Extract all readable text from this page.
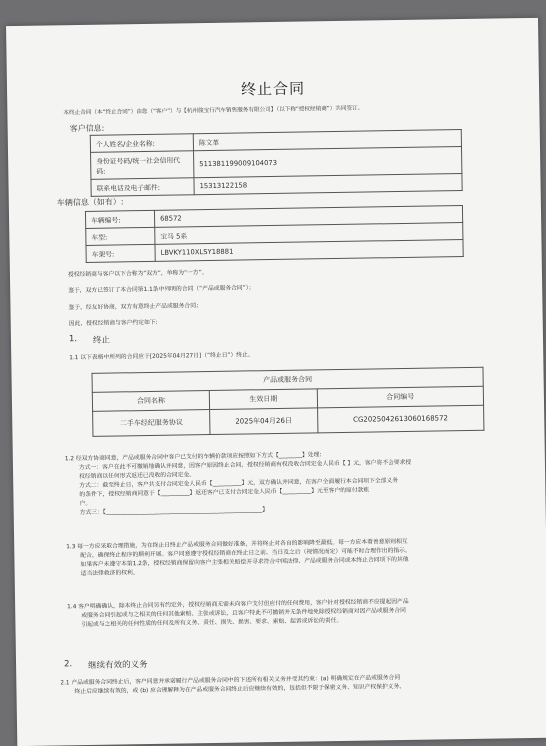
终止合同
本终止合同（本“终止合同”）由您（“客户”）与【杭州骏宝行汽车销售服务有限公司】（以下称“授权经销商”）共同签订。
客户信息:
个人姓名/企业名称:	陈文革
身份证号码/统一社会信用代码:	511381199009104073
联系电话及电子邮件:	15313122158
车辆信息（如有）:
车辆编号:	68572
车型:	宝马 5系
车架号:	LBVKY110XLSY18881
授权经销商与客户以下合称为“双方”，单称为“一方”。
鉴于，双方已签订了本合同第1.1条中列明的合同（“产品或服务合同”）；
鉴于，经友好协商，双方有意终止产品或服务合同；
因此，授权经销商与客户约定如下:
1. 终止
1.1 以下表格中所列的合同应于[2025年04月27日]（“终止日”）终止。
产品或服务合同		
合同名称	生效日期	合同编号
二手车经纪服务协议	2025年04月26日	CG2025042613060168572
1.2 经双方协商同意，产品或服务合同中客户已支付的车辆价款项应按照如下方式【________】处理:
方式一：客户在此不可撤销地确认并同意，因客户原因终止合同，授权经销商有权没收合同定金人民币【 】元，客户将不会要求授
权经销商以任何形式返还已没收的合同定金。
方式二：截至终止日，客户共支付合同定金人民币【__________】元，双方确认并同意，在客户全面履行本合同项下全部义务
的条件下，授权经销商同意于【__________】返还客户已支付合同定金人民币【__________】元至客户的原付款账
户。
方式三：【______________________________________________________】
1.3 每一方应采取合理措施，为在终止日终止产品或服务合同做好准备，并将终止对各自的影响降至最低。每一方应本着善意原则相互
配合，确保终止程序的顺利开展。客户同意遵守授权经销商在终止日之前、当日及之后（视情况而定）可能不时合理作出的指示。
如果客户未遵守本第1.2条，授权经销商保留向客户主张相关赔偿并寻求符合中国法律、产品或服务合同或本终止合同项下的其他
适当法律救济的权利。
1.4 客户明确确认，除本终止合同另有约定外，授权经销商无需未向客户支付但应付的任何费用，客户针对授权经销商不应提起因产品
或服务合同引起或与之相关的任何其他索赔、主张或诉讼，且客户特此不可撤销并无条件地免除授权经销商对因产品或服务合同
引起或与之相关的任何性质的任何及所有义务、责任、损失、损害、要求、索赔、起诉或诉讼的责任。
2. 继续有效的义务
2.1 产品或服务合同终止后，客户同意并承诺履行产品或服务合同中的下述所有相关义务并受其约束：(a) 明确规定在产品或服务合同
终止后应继续有效的，或 (b) 应合理解释为在产品或服务合同终止后应继续有效的，包括但不限于保密义务、知识产权保护义务、
